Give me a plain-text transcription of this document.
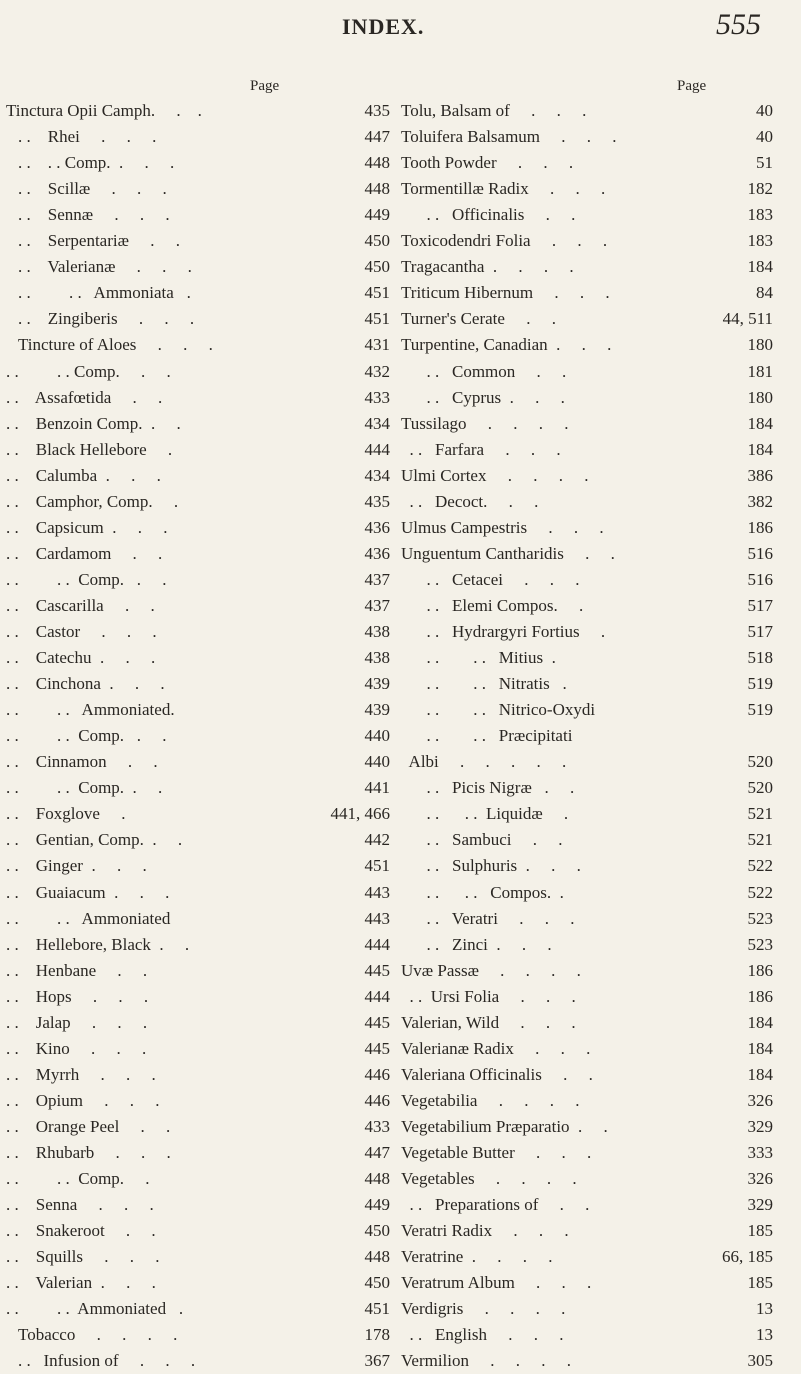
INDEX.	555
Page
Tinctura Opii Camph.     .    .	435
. .    Rhei     .     .     .	447
. .    . . Comp.  .     .     .	448
. .    Scillæ     .     .     .	448
. .    Sennæ     .     .     .	449
. .    Serpentariæ     .     .	450
. .    Valerianæ     .     .     .	450
. .         . .   Ammoniata   .	451
. .    Zingiberis     .     .     .	451
Tincture of Aloes     .     .     .	431
. .         . . Comp.     .     .	432
. .    Assafœtida     .     .	433
. .    Benzoin Comp.  .     .	434
. .    Black Hellebore     .	444
. .    Calumba  .     .     .	434
. .    Camphor, Comp.     .	435
. .    Capsicum  .     .     .	436
. .    Cardamom     .     .	436
. .         . .  Comp.   .     .	437
. .    Cascarilla     .     .	437
. .    Castor     .     .     .	438
. .    Catechu  .     .     .	438
. .    Cinchona  .     .     .	439
. .         . .   Ammoniated.	439
. .         . .  Comp.   .     .	440
. .    Cinnamon     .     .	440
. .         . .  Comp.  .     .	441
. .    Foxglove     .	441, 466
. .    Gentian, Comp.  .     .	442
. .    Ginger  .     .     .	451
. .    Guaiacum  .     .     .	443
. .         . .   Ammoniated	443
. .    Hellebore, Black  .     .	444
. .    Henbane     .     .	445
. .    Hops     .     .     .	444
. .    Jalap     .     .     .	445
. .    Kino     .     .     .	445
. .    Myrrh     .     .     .	446
. .    Opium     .     .     .	446
. .    Orange Peel     .     .	433
. .    Rhubarb     .     .     .	447
. .         . .  Comp.     .	448
. .    Senna     .     .     .	449
. .    Snakeroot     .     .	450
. .    Squills     .     .     .	448
. .    Valerian  .     .     .	450
. .         . .  Ammoniated   .	451
Tobacco     .     .     .     .	178
. .   Infusion of     .     .     .	367
Page
Tolu, Balsam of     .     .     .	40
Toluifera Balsamum     .     .     .	40
Tooth Powder     .     .     .	51
Tormentillæ Radix     .     .     .	182
. .   Officinalis     .     .	183
Toxicodendri Folia     .     .     .	183
Tragacantha  .     .     .     .	184
Triticum Hibernum     .     .     .	84
Turner's Cerate     .     .	44, 511
Turpentine, Canadian  .     .     .	180
. .   Common     .     .	181
. .   Cyprus  .     .     .	180
Tussilago     .     .     .     .	184
. .   Farfara     .     .     .	184
Ulmi Cortex     .     .     .     .	386
. .   Decoct.     .     .	382
Ulmus Campestris     .     .     .	186
Unguentum Cantharidis     .     .	516
. .   Cetacei     .     .     .	516
. .   Elemi Compos.     .	517
. .   Hydrargyri Fortius     .	517
. .        . .   Mitius  .	518
. .        . .   Nitratis   .	519
. .        . .   Nitrico-Oxydi	519
. .        . .   Præcipitati
Albi     .     .     .     .     .	520
. .   Picis Nigræ   .     .	520
. .      . .  Liquidæ     .	521
. .   Sambuci     .     .	521
. .   Sulphuris  .     .     .	522
. .      . .   Compos.  .	522
. .   Veratri     .     .     .	523
. .   Zinci  .     .     .	523
Uvæ Passæ     .     .     .     .	186
. .  Ursi Folia     .     .     .	186
Valerian, Wild     .     .     .	184
Valerianæ Radix     .     .     .	184
Valeriana Officinalis     .     .	184
Vegetabilia     .     .     .     .	326
Vegetabilium Præparatio  .     .	329
Vegetable Butter     .     .     .	333
Vegetables     .     .     .     .	326
. .   Preparations of     .     .	329
Veratri Radix     .     .     .	185
Veratrine  .     .     .     .	66, 185
Veratrum Album     .     .     .	185
Verdigris     .     .     .     .	13
. .   English     .     .     .	13
Vermilion     .     .     .     .	305
